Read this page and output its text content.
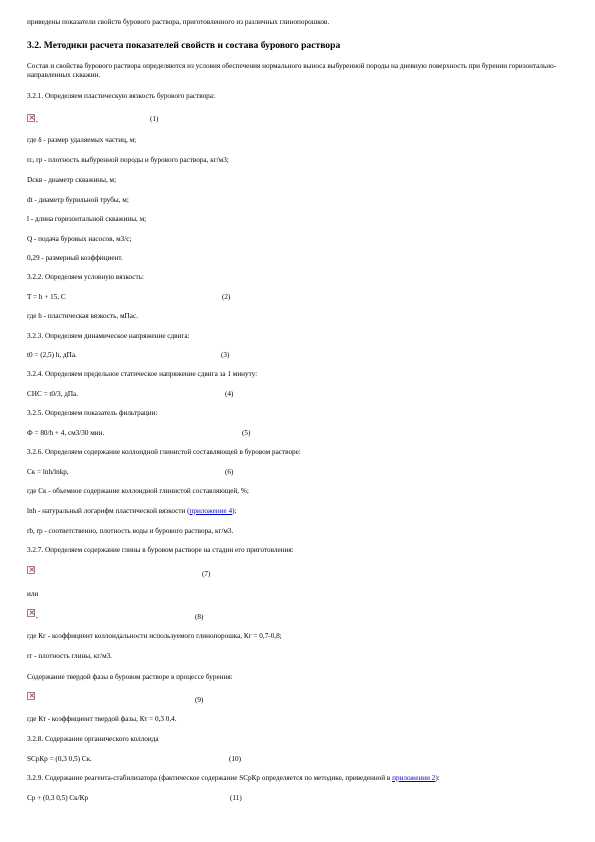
приведены показатели свойств бурового раствора, приготовленного из различных глинопорошков.
3.2. Методики расчета показателей свойств и состава бурового раствора
Состав и свойства бурового раствора определяются из условия обеспечения нормального выноса выбуренной породы на дневную поверхность при бурении горизонтально-направленных скважин.
3.2.1. Определяем пластическую вязкость бурового раствора:
×
,	(1)
где δ - размер удаляемых частиц, м;
rc, rp - плотность выбуренной породы и бурового раствора, кг/м3;
Dскв - диаметр скважины, м;
dt - диаметр бурильной трубы, м;
l - длина горизонтальной скважины, м;
Q - подача буровых насосов, м3/с;
0,29 - размерный коэффициент.
3.2.2. Определяем условную вязкость:
T = h + 15, С	(2)
где h - пластическая вязкость, мПас.
3.2.3. Определяем динамическое напряжение сдвига:
t0 = (2,5) h, дПа.	(3)
3.2.4. Определяем предельное статическое напряжение сдвига за 1 минуту:
СНС = t0/3, дПа.	(4)
3.2.5. Определяем показатель фильтрации:
Ф = 80/h + 4, см3/30 мин.	(5)
3.2.6. Определяем содержание коллоидной глинистой составляющей в буровом растворе:
Ск = lnh/lnkp,	(6)
где Ск - объемное содержание коллоидной глинистой составляющей, %;
lnh - натуральный логарифм пластической вязкости (приложение 4);
rb, rp - соответственно, плотность воды и бурового раствора, кг/м3.
3.2.7. Определяем содержание глины в буровом растворе на стадии его приготовления:
×
(7)
или
×
,	(8)
где Кг - коэффициент коллоидальности используемого глинопорошка, Кг = 0,7-0,8;
rг - плотность глины, кг/м3.
Содержание твердой фазы в буровом растворе в процессе бурения:
×
(9)
где Кт - коэффициент твердой фазы, Кт = 0,3 0,4.
3.2.8. Содержание органического коллоида
SCрКр = (0,3 0,5) Ск.	(10)
3.2.9. Содержание реагента-стабилизатора (фактическое содержание SCрКр определяется по методике, приведенной в приложении 2):
Ср + (0,3 0,5) Ск/Кр	(11)
